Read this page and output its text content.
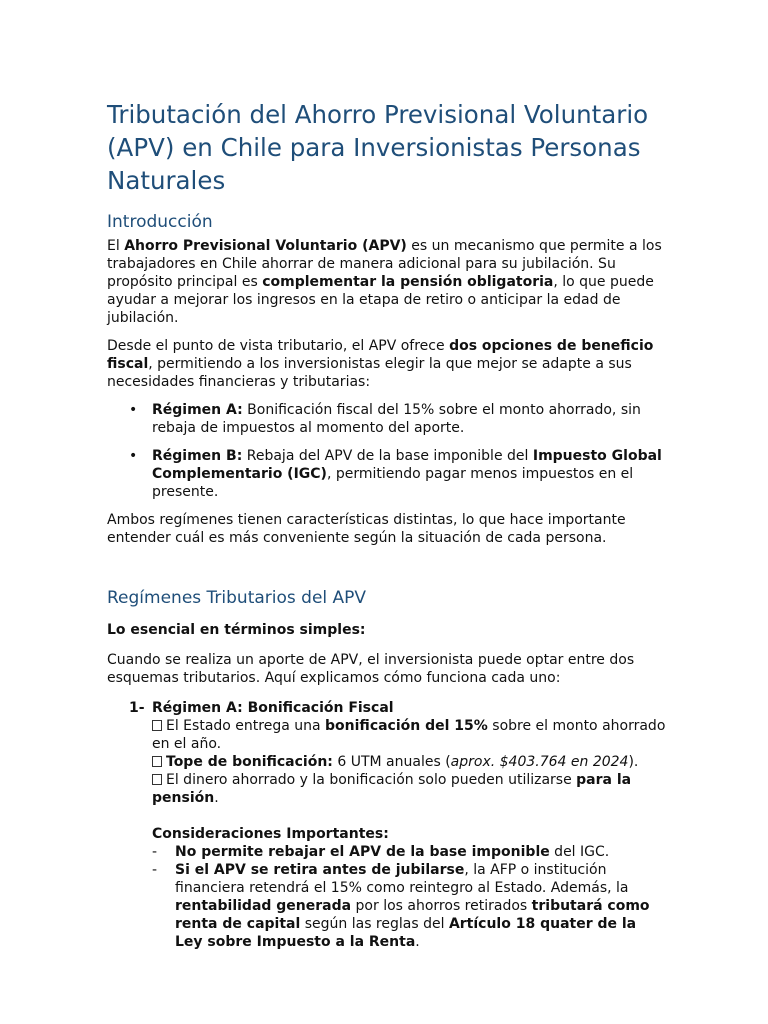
Tributación del Ahorro Previsional Voluntario (APV) en Chile para Inversionistas Personas Naturales
Introducción

El Ahorro Previsional Voluntario (APV) es un mecanismo que permite a los trabajadores en Chile ahorrar de manera adicional para su jubilación. Su propósito principal es complementar la pensión obligatoria, lo que puede ayudar a mejorar los ingresos en la etapa de retiro o anticipar la edad de jubilación.

Desde el punto de vista tributario, el APV ofrece dos opciones de beneficio fiscal, permitiendo a los inversionistas elegir la que mejor se adapte a sus necesidades financieras y tributarias:

• Régimen A: Bonificación fiscal del 15% sobre el monto ahorrado, sin rebaja de impuestos al momento del aporte.
• Régimen B: Rebaja del APV de la base imponible del Impuesto Global Complementario (IGC), permitiendo pagar menos impuestos en el presente.

Ambos regímenes tienen características distintas, lo que hace importante entender cuál es más conveniente según la situación de cada persona.

Regímenes Tributarios del APV

Lo esencial en términos simples:

Cuando se realiza un aporte de APV, el inversionista puede optar entre dos esquemas tributarios. Aquí explicamos cómo funciona cada uno:

1- Régimen A: Bonificación Fiscal
El Estado entrega una bonificación del 15% sobre el monto ahorrado en el año.
Tope de bonificación: 6 UTM anuales (aprox. $403.764 en 2024).
El dinero ahorrado y la bonificación solo pueden utilizarse para la pensión.
Consideraciones Importantes:
- No permite rebajar el APV de la base imponible del IGC.
- Si el APV se retira antes de jubilarse, la AFP o institución financiera retendrá el 15% como reintegro al Estado. Además, la rentabilidad generada por los ahorros retirados tributará como renta de capital según las reglas del Artículo 18 quater de la Ley sobre Impuesto a la Renta.
